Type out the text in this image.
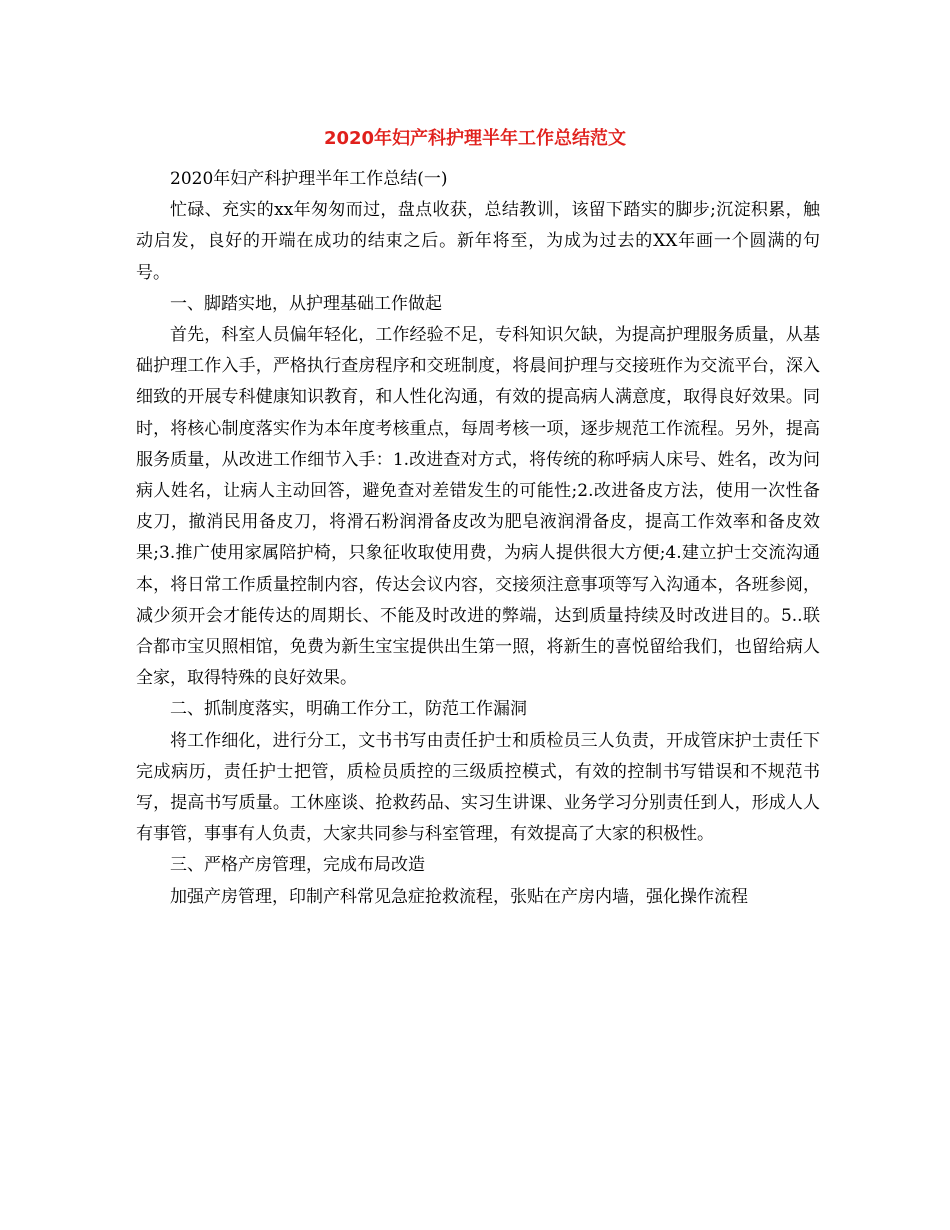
2020年妇产科护理半年工作总结范文

2020年妇产科护理半年工作总结(一)

忙碌、充实的xx年匆匆而过，盘点收获，总结教训，该留下踏实的脚步;沉淀积累，触动启发，良好的开端在成功的结束之后。新年将至，为成为过去的XX年画一个圆满的句号。

一、脚踏实地，从护理基础工作做起

首先，科室人员偏年轻化，工作经验不足，专科知识欠缺，为提高护理服务质量，从基础护理工作入手，严格执行查房程序和交班制度，将晨间护理与交接班作为交流平台，深入细致的开展专科健康知识教育，和人性化沟通，有效的提高病人满意度，取得良好效果。同时，将核心制度落实作为本年度考核重点，每周考核一项，逐步规范工作流程。另外，提高服务质量，从改进工作细节入手：1.改进查对方式，将传统的称呼病人床号、姓名，改为问病人姓名，让病人主动回答，避免查对差错发生的可能性;2.改进备皮方法，使用一次性备皮刀，撤消民用备皮刀，将滑石粉润滑备皮改为肥皂液润滑备皮，提高工作效率和备皮效果;3.推广使用家属陪护椅，只象征收取使用费，为病人提供很大方便;4.建立护士交流沟通本，将日常工作质量控制内容，传达会议内容，交接须注意事项等写入沟通本，各班参阅，减少须开会才能传达的周期长、不能及时改进的弊端，达到质量持续及时改进目的。5..联合都市宝贝照相馆，免费为新生宝宝提供出生第一照，将新生的喜悦留给我们，也留给病人全家，取得特殊的良好效果。

二、抓制度落实，明确工作分工，防范工作漏洞

将工作细化，进行分工，文书书写由责任护士和质检员三人负责，开成管床护士责任下完成病历，责任护士把管，质检员质控的三级质控模式，有效的控制书写错误和不规范书写，提高书写质量。工休座谈、抢救药品、实习生讲课、业务学习分别责任到人，形成人人有事管，事事有人负责，大家共同参与科室管理，有效提高了大家的积极性。

三、严格产房管理，完成布局改造

加强产房管理，印制产科常见急症抢救流程，张贴在产房内墙，强化操作流程
